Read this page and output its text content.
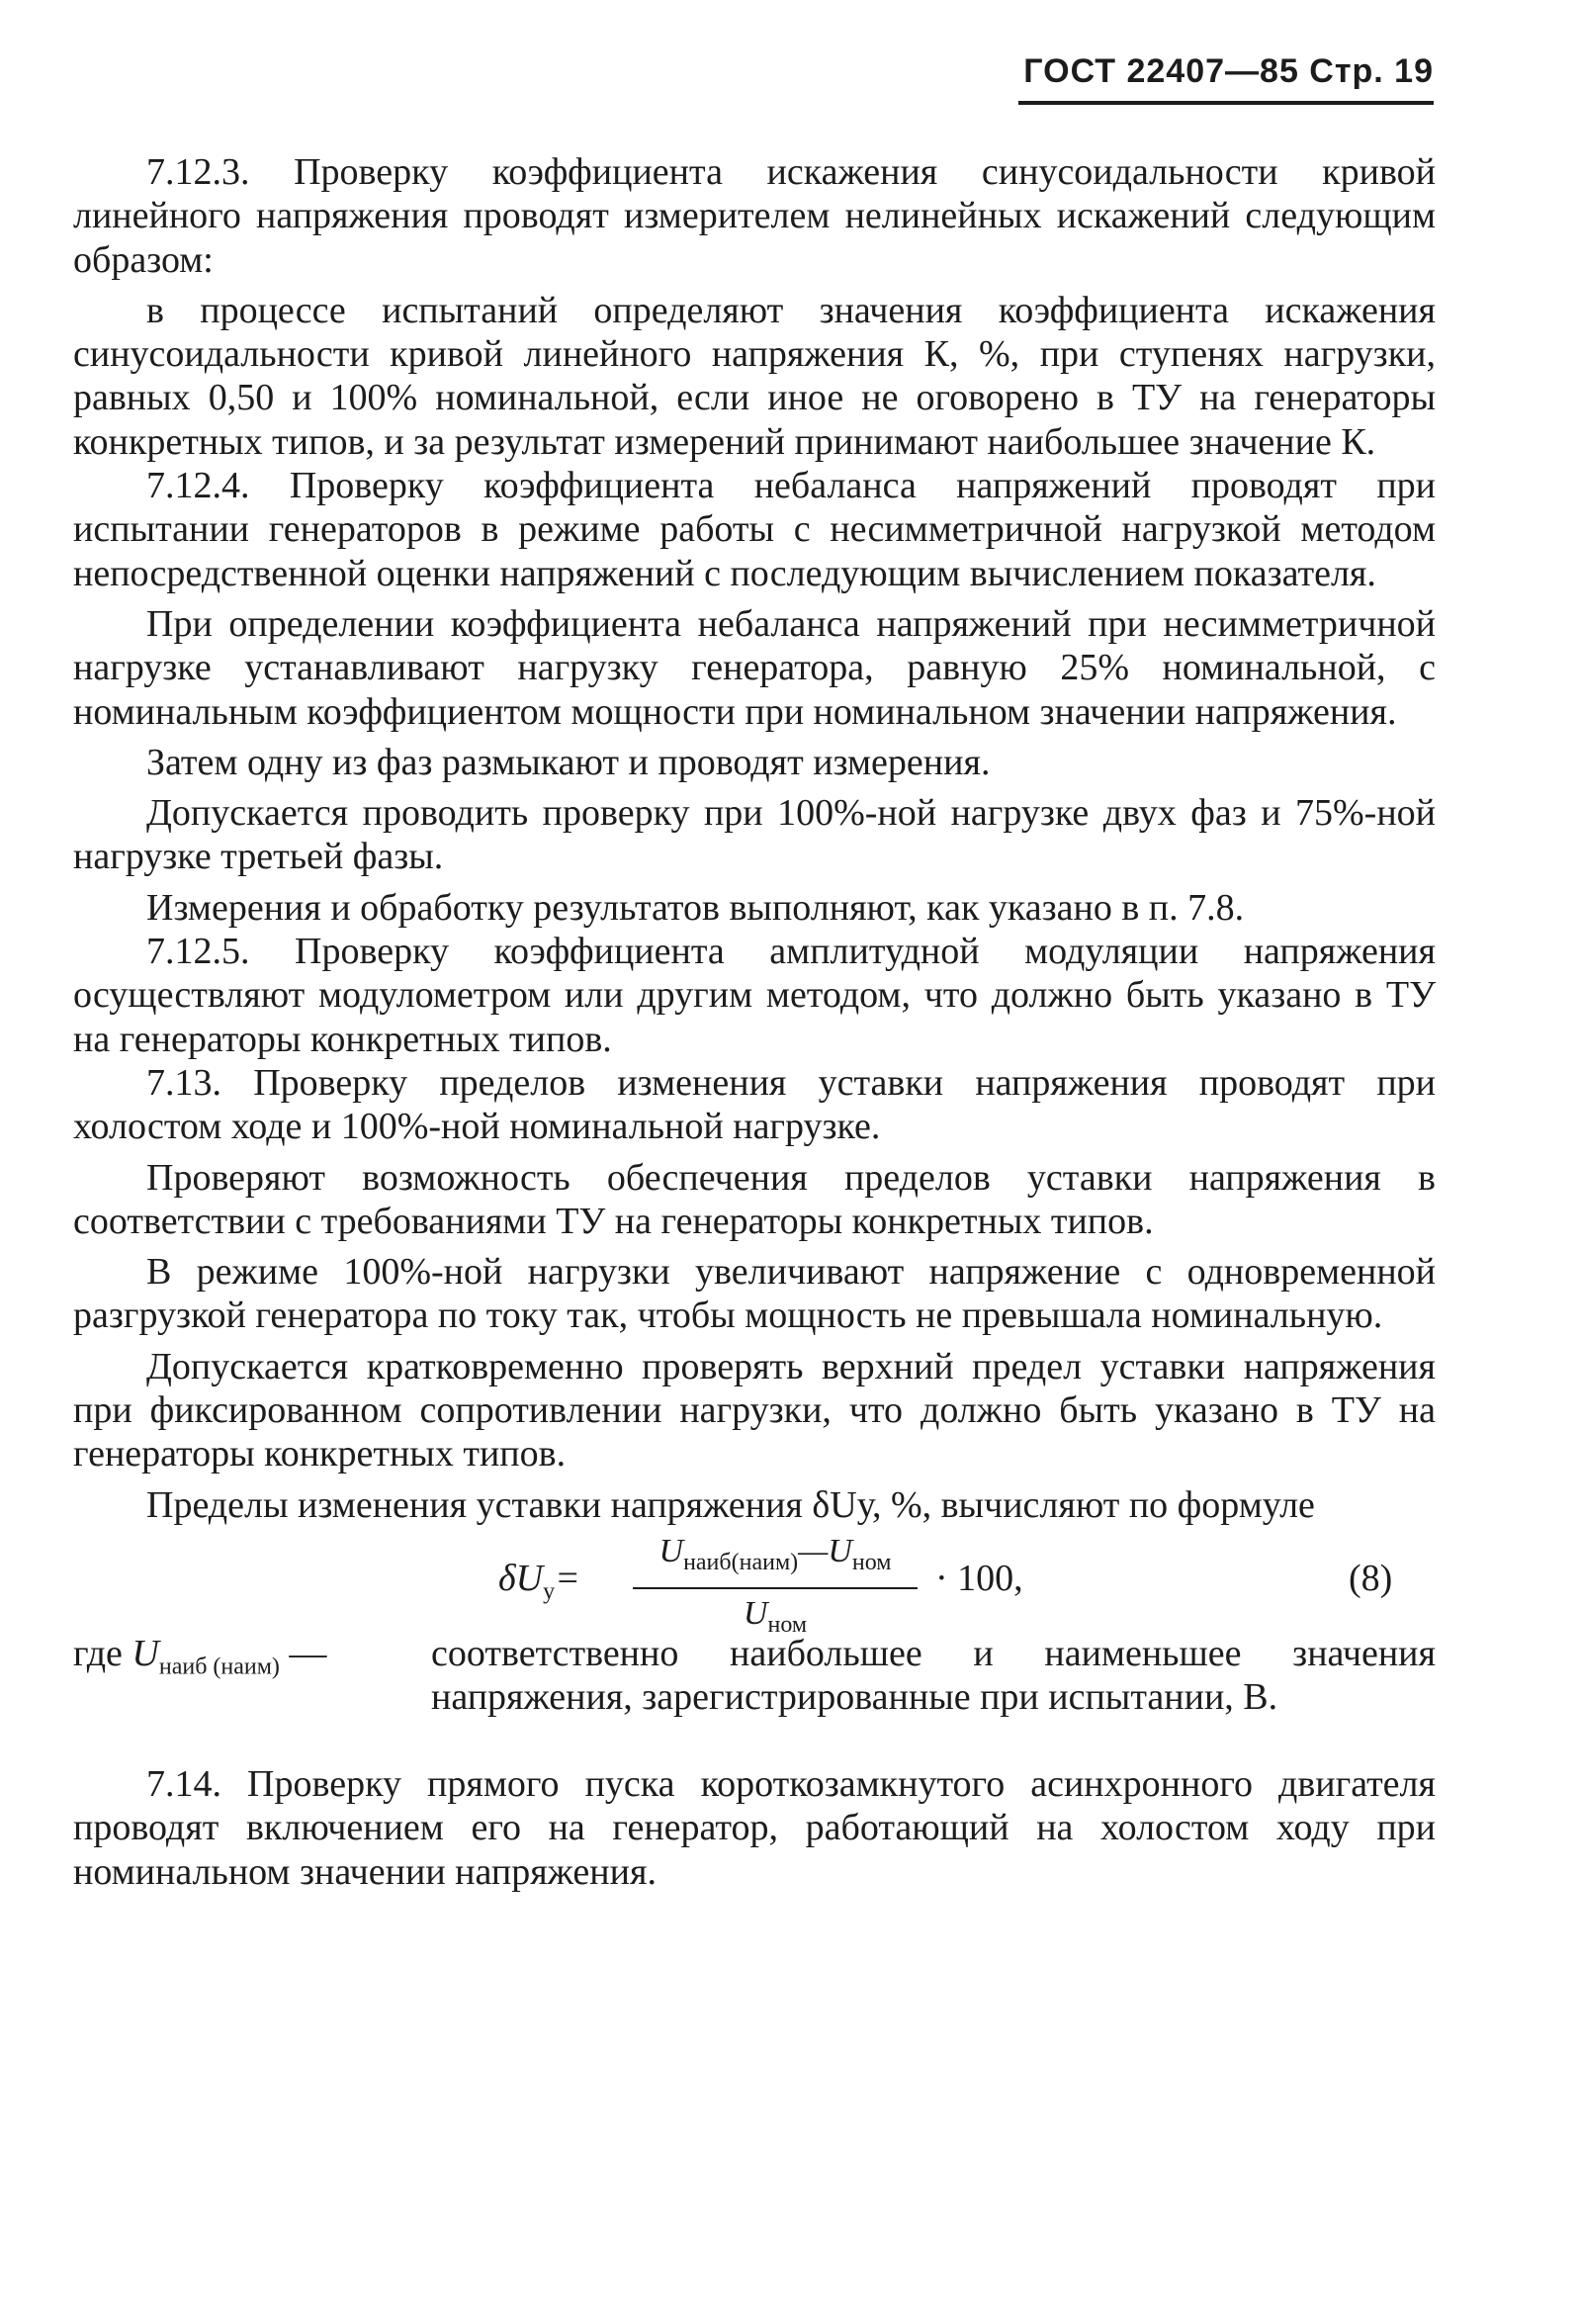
ГОСТ 22407—85 Стр. 19

7.12.3. Проверку коэффициента искажения синусоидальности кривой линейного напряжения проводят измерителем нелинейных искажений следующим образом:

в процессе испытаний определяют значения коэффициента искажения синусоидальности кривой линейного напряжения К, %, при ступенях нагрузки, равных 0,50 и 100% номинальной, если иное не оговорено в ТУ на генераторы конкретных типов, и за результат измерений принимают наибольшее значение К.

7.12.4. Проверку коэффициента небаланса напряжений проводят при испытании генераторов в режиме работы с несимметричной нагрузкой методом непосредственной оценки напряжений с последующим вычислением показателя.

При определении коэффициента небаланса напряжений при несимметричной нагрузке устанавливают нагрузку генератора, равную 25% номинальной, с номинальным коэффициентом мощности при номинальном значении напряжения.

Затем одну из фаз размыкают и проводят измерения.

Допускается проводить проверку при 100%-ной нагрузке двух фаз и 75%-ной нагрузке третьей фазы.

Измерения и обработку результатов выполняют, как указано в п. 7.8.

7.12.5. Проверку коэффициента амплитудной модуляции напряжения осуществляют модулометром или другим методом, что должно быть указано в ТУ на генераторы конкретных типов.

7.13. Проверку пределов изменения уставки напряжения проводят при холостом ходе и 100%-ной номинальной нагрузке.

Проверяют возможность обеспечения пределов уставки напряжения в соответствии с требованиями ТУ на генераторы конкретных типов.

В режиме 100%-ной нагрузки увеличивают напряжение с одновременной разгрузкой генератора по току так, чтобы мощность не превышала номинальную.

Допускается кратковременно проверять верхний предел уставки напряжения при фиксированном сопротивлении нагрузки, что должно быть указано в ТУ на генераторы конкретных типов.

Пределы изменения уставки напряжения δUу, %, вычисляют по формуле

$\delta U_у=$
$U_{наиб(наим)}—U_{ном}$
$U_{ном}$
· 100,	(8)
где $U_{наиб (наим)}$ —	соответственно наибольшее и наименьшее значения напряжения, зарегистрированные при испытании, В.

7.14. Проверку прямого пуска короткозамкнутого асинхронного двигателя проводят включением его на генератор, работающий на холостом ходу при номинальном значении напряжения.
